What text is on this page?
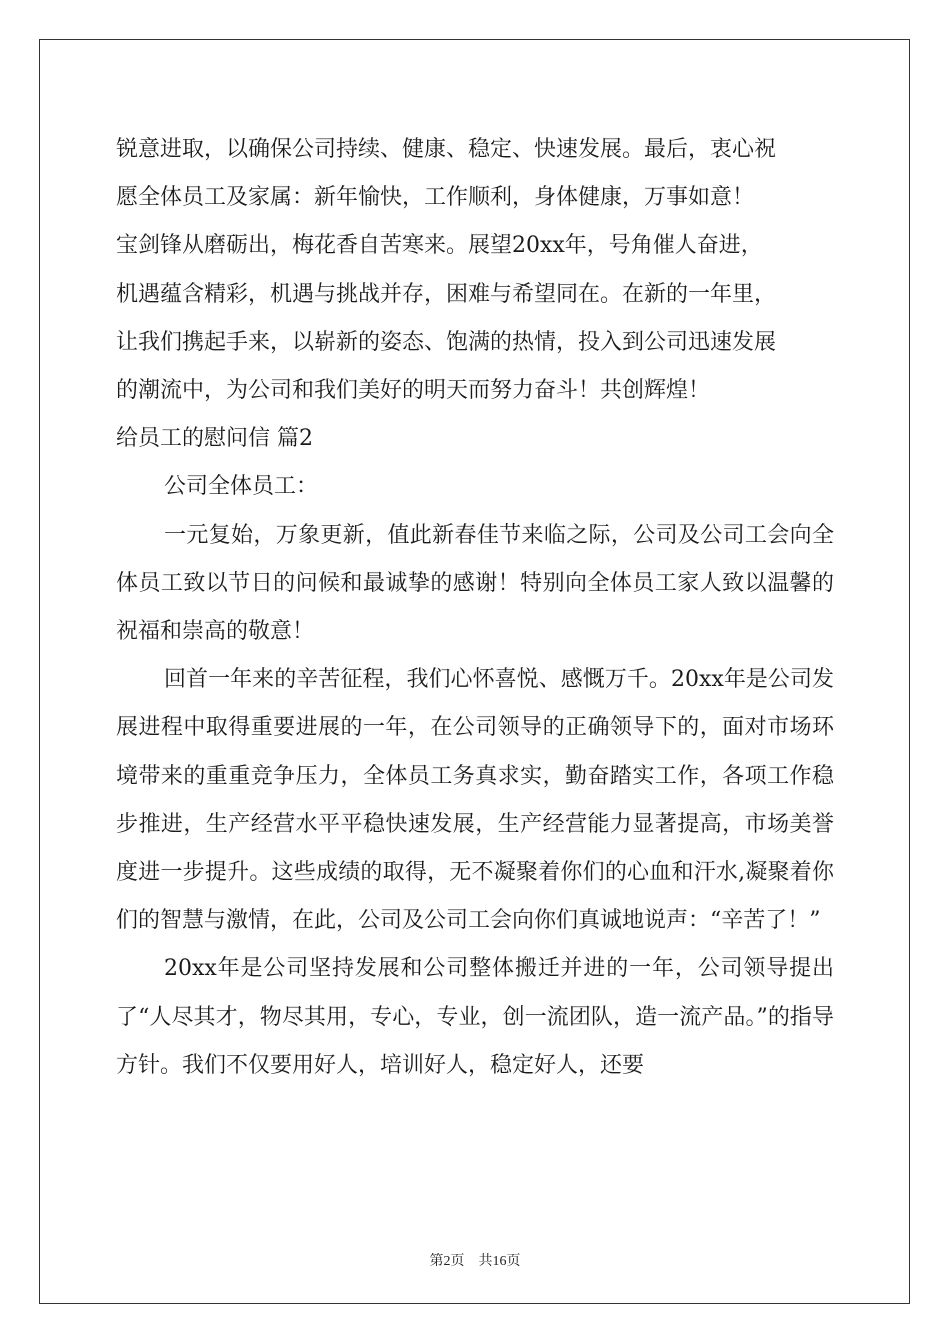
锐意进取，以确保公司持续、健康、稳定、快速发展。最后，衷心祝
愿全体员工及家属：新年愉快，工作顺利，身体健康，万事如意！
宝剑锋从磨砺出，梅花香自苦寒来。展望20xx年，号角催人奋进，
机遇蕴含精彩，机遇与挑战并存，困难与希望同在。在新的一年里，
让我们携起手来，以崭新的姿态、饱满的热情，投入到公司迅速发展
的潮流中，为公司和我们美好的明天而努力奋斗！共创辉煌！
给员工的慰问信 篇2
公司全体员工：
一元复始，万象更新，值此新春佳节来临之际，公司及公司工会向全体员工致以节日的问候和最诚挚的感谢！特别向全体员工家人致以温馨的祝福和崇高的敬意！
回首一年来的辛苦征程，我们心怀喜悦、感慨万千。20xx年是公司发展进程中取得重要进展的一年，在公司领导的正确领导下的，面对市场环境带来的重重竞争压力，全体员工务真求实，勤奋踏实工作，各项工作稳步推进，生产经营水平平稳快速发展，生产经营能力显著提高，市场美誉度进一步提升。这些成绩的取得，无不凝聚着你们的心血和汗水,凝聚着你们的智慧与激情，在此，公司及公司工会向你们真诚地说声：“辛苦了！”
20xx年是公司坚持发展和公司整体搬迁并进的一年，公司领导提出了“人尽其才，物尽其用，专心，专业，创一流团队，造一流产品。”的指导方针。我们不仅要用好人，培训好人，稳定好人，还要
第2页 共16页
